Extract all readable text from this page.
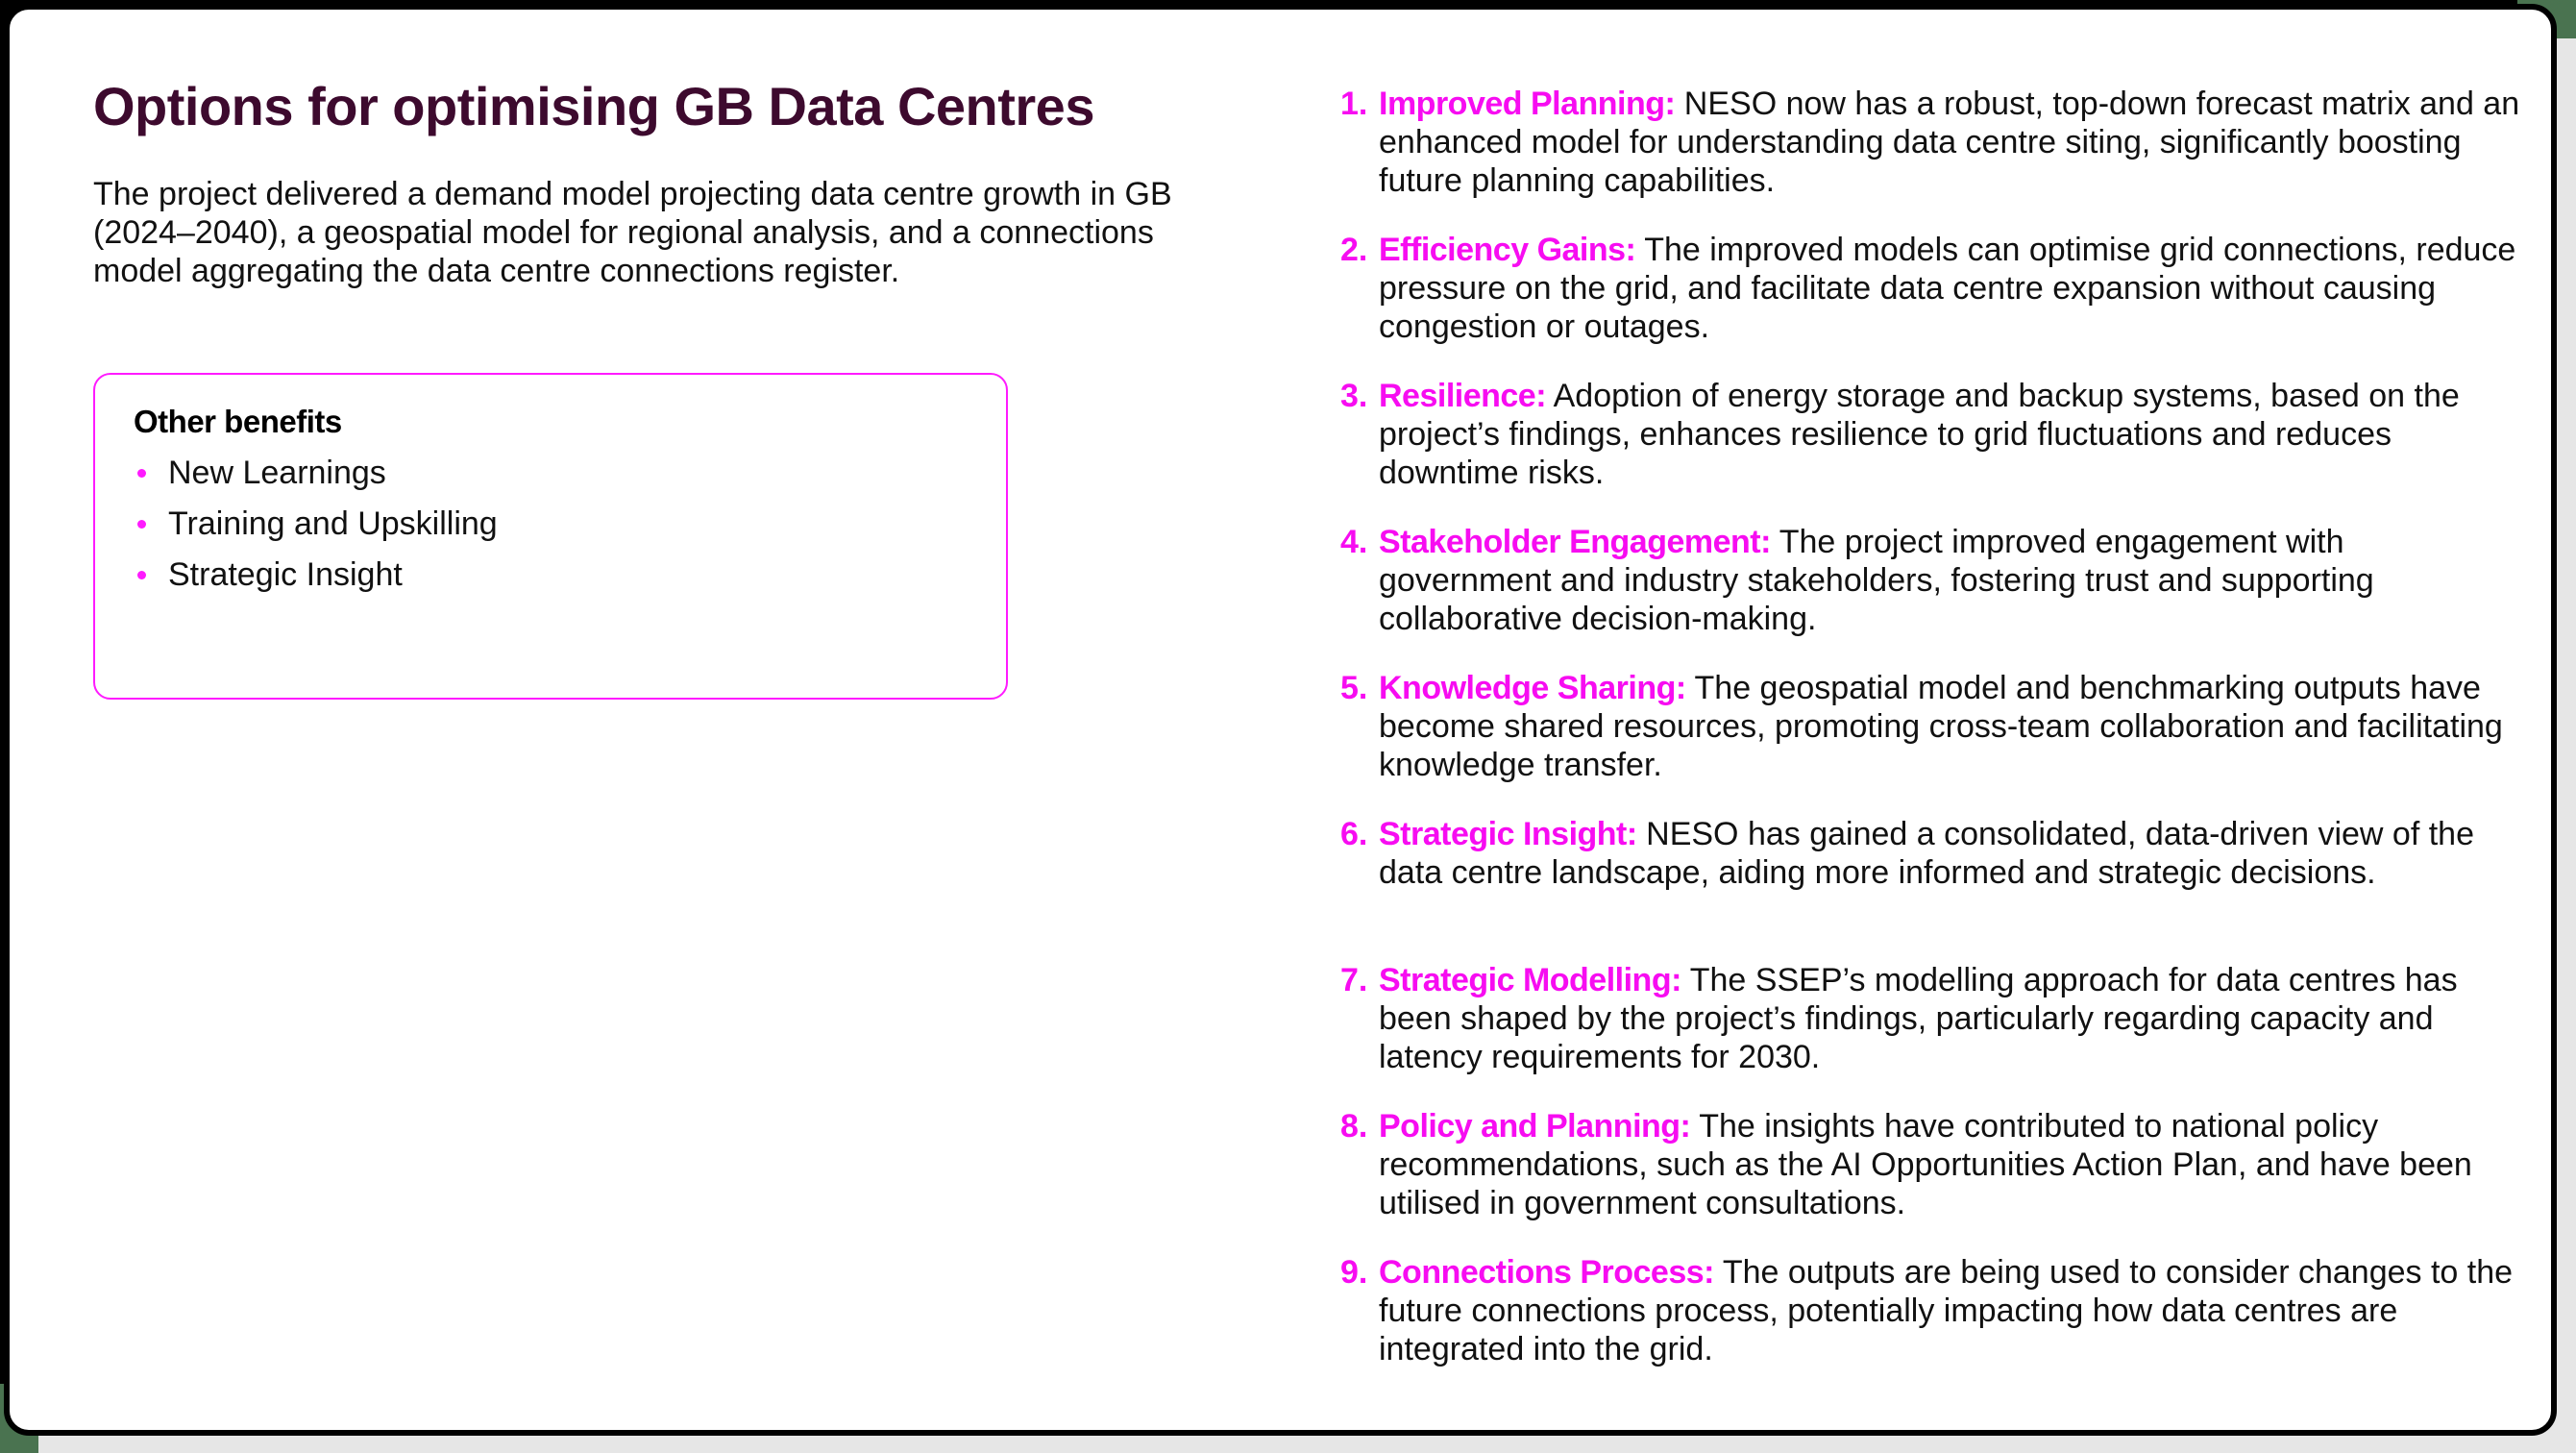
Options for optimising GB Data Centres

The project delivered a demand model projecting data centre growth in GB (2024–2040), a geospatial model for regional analysis, and a connections model aggregating the data centre connections register.

Other benefits
New Learnings
Training and Upskilling
Strategic Insight
1. Improved Planning: NESO now has a robust, top-down forecast matrix and an enhanced model for understanding data centre siting, significantly boosting future planning capabilities.
2. Efficiency Gains: The improved models can optimise grid connections, reduce pressure on the grid, and facilitate data centre expansion without causing congestion or outages.
3. Resilience: Adoption of energy storage and backup systems, based on the project’s findings, enhances resilience to grid fluctuations and reduces downtime risks.
4. Stakeholder Engagement: The project improved engagement with government and industry stakeholders, fostering trust and supporting collaborative decision-making.
5. Knowledge Sharing: The geospatial model and benchmarking outputs have become shared resources, promoting cross-team collaboration and facilitating knowledge transfer.
6. Strategic Insight: NESO has gained a consolidated, data-driven view of the data centre landscape, aiding more informed and strategic decisions.
7. Strategic Modelling: The SSEP’s modelling approach for data centres has been shaped by the project’s findings, particularly regarding capacity and latency requirements for 2030.
8. Policy and Planning: The insights have contributed to national policy recommendations, such as the AI Opportunities Action Plan, and have been utilised in government consultations.
9. Connections Process: The outputs are being used to consider changes to the future connections process, potentially impacting how data centres are integrated into the grid.
